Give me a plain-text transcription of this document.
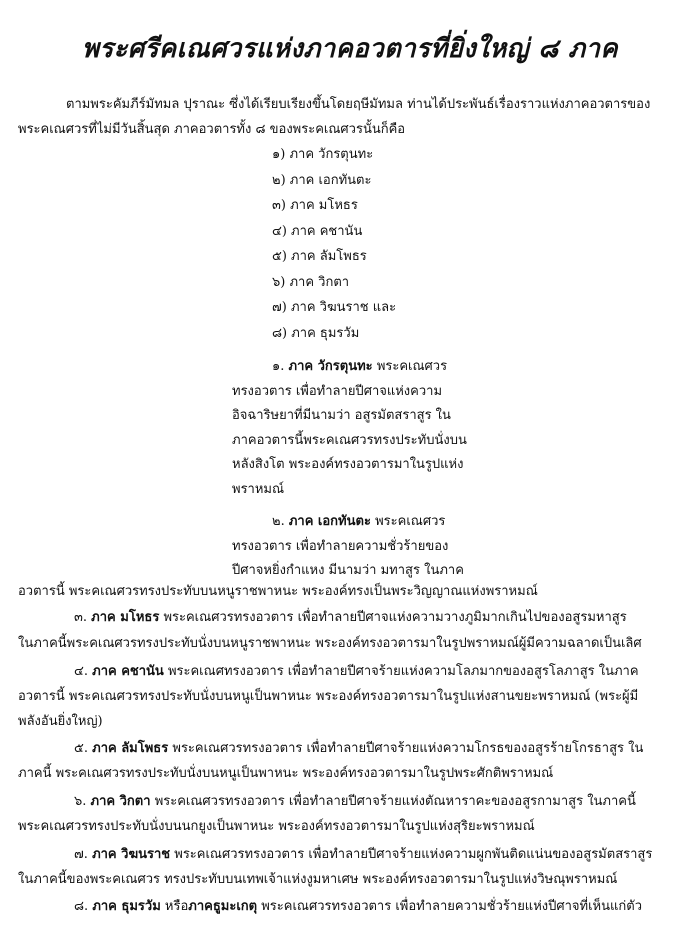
พระศรีคเณศวรแห่งภาคอวตารที่ยิ่งใหญ่ ๘ ภาค
ตามพระคัมภีร์มัทมล ปุราณะ ซึ่งได้เรียบเรียงขึ้นโดยฤษีมัทมล ท่านได้ประพันธ์เรื่องราวแห่งภาคอวตารของ
พระคเณศวรที่ไม่มีวันสิ้นสุด ภาคอวตารทั้ง ๘ ของพระคเณศวรนั้นก็คือ
๑) ภาค วักรตุนทะ
๒) ภาค เอกทันตะ
๓) ภาค มโหธร
๔) ภาค คชานัน
๕) ภาค ลัมโพธร
๖) ภาค วิกตา
๗) ภาค วิฆนราช และ
๘) ภาค ธุมรวัม
๑. ภาค วักรตุนทะ พระคเณศวร
ทรงอวตาร เพื่อทำลายปีศาจแห่งความ
อิจฉาริษยาที่มีนามว่า อสูรมัตสราสูร ใน
ภาคอวตารนี้พระคเณศวรทรงประทับนั่งบน
หลังสิงโต พระองค์ทรงอวตารมาในรูปแห่ง
พราหมณ์
๒. ภาค เอกทันตะ พระคเณศวร
ทรงอวตาร เพื่อทำลายความชั่วร้ายของ
ปีศาจหยิ่งกำแหง มีนามว่า มทาสูร ในภาค
อวตารนี้ พระคเณศวรทรงประทับบนหนูราชพาหนะ พระองค์ทรงเป็นพระวิญญาณแห่งพราหมณ์
๓. ภาค มโหธร พระคเณศวรทรงอวตาร เพื่อทำลายปีศาจแห่งความวางภูมิมากเกินไปของอสูรมหาสูร
ในภาคนี้พระคเณศวรทรงประทับนั่งบนหนูราชพาหนะ พระองค์ทรงอวตารมาในรูปพราหมณ์ผู้มีความฉลาดเป็นเลิศ
๔. ภาค คชานัน พระคเณศทรงอวตาร เพื่อทำลายปีศาจร้ายแห่งความโลภมากของอสูรโลภาสูร ในภาค
อวตารนี้ พระคเณศวรทรงประทับนั่งบนหนูเป็นพาหนะ พระองค์ทรงอวตารมาในรูปแห่งสานขยะพราหมณ์ (พระผู้มี
พลังอันยิ่งใหญ่)
๕. ภาค ลัมโพธร พระคเณศวรทรงอวตาร เพื่อทำลายปีศาจร้ายแห่งความโกรธของอสูรร้ายโกรธาสูร ใน
ภาคนี้ พระคเณศวรทรงประทับนั่งบนหนูเป็นพาหนะ พระองค์ทรงอวตารมาในรูปพระศักติพราหมณ์
๖. ภาค วิกตา พระคเณศวรทรงอวตาร เพื่อทำลายปีศาจร้ายแห่งตัณหาราคะของอสูรกามาสูร ในภาคนี้
พระคเณศวรทรงประทับนั่งบนนกยูงเป็นพาหนะ พระองค์ทรงอวตารมาในรูปแห่งสุริยะพราหมณ์
๗. ภาค วิฆนราช พระคเณศวรทรงอวตาร เพื่อทำลายปีศาจร้ายแห่งความผูกพันติดแน่นของอสูรมัตสราสูร
ในภาคนี้ของพระคเณศวร ทรงประทับบนเทพเจ้าแห่งงูมหาเศษ พระองค์ทรงอวตารมาในรูปแห่งวิษณุพราหมณ์
๘. ภาค ธุมรวัม หรือภาคธูมะเกตุ พระคเณศวรทรงอวตาร เพื่อทำลายความชั่วร้ายแห่งปีศาจที่เห็นแก่ตัว
